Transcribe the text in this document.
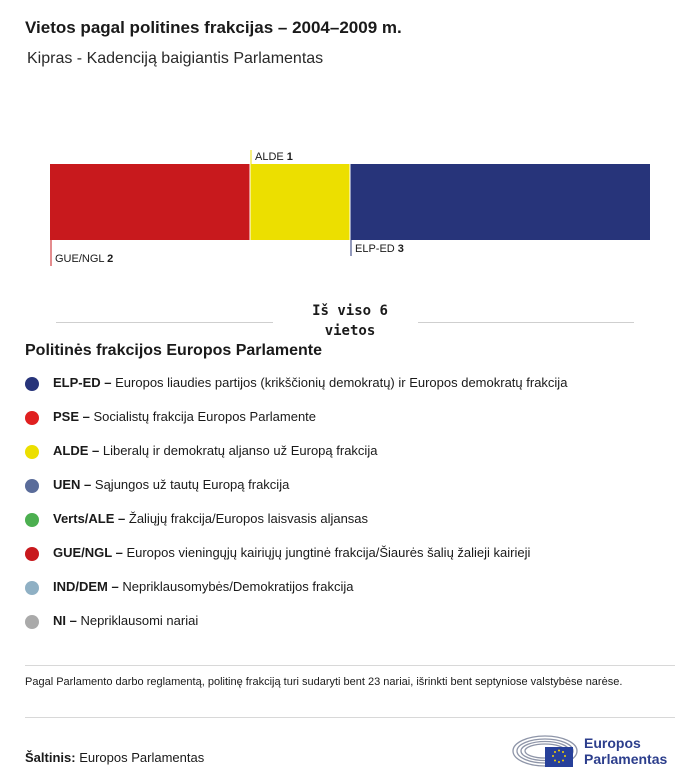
Vietos pagal politines frakcijas – 2004–2009 m.
Kipras - Kadenciją baigiantis Parlamentas
GUE/NGL 2
ALDE 1
ELP-ED 3
Iš viso 6
vietos
Politinės frakcijos Europos Parlamente
ELP-ED – Europos liaudies partijos (krikščionių demokratų) ir Europos demokratų frakcija
PSE – Socialistų frakcija Europos Parlamente
ALDE – Liberalų ir demokratų aljanso už Europą frakcija
UEN – Sąjungos už tautų Europą frakcija
Verts/ALE – Žaliųjų frakcija/Europos laisvasis aljansas
GUE/NGL – Europos vieningųjų kairiųjų jungtinė frakcija/Šiaurės šalių žalieji kairieji
IND/DEM – Nepriklausomybės/Demokratijos frakcija
NI – Nepriklausomi nariai
Pagal Parlamento darbo reglamentą, politinę frakciją turi sudaryti bent 23 nariai, išrinkti bent septyniose valstybėse narėse.
Šaltinis: Europos Parlamentas
Europos
Parlamentas
